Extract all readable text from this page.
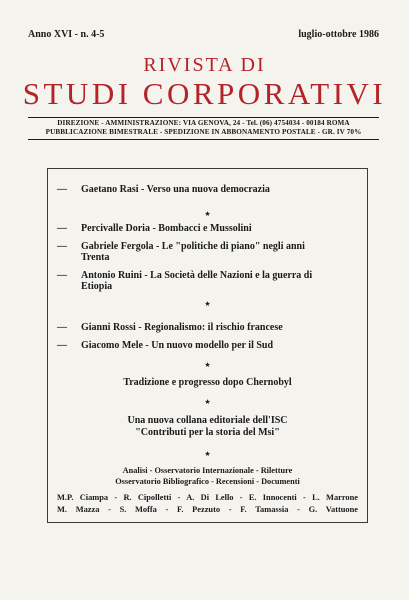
Anno XVI - n. 4-5	luglio-ottobre 1986
RIVISTA DI
STUDI CORPORATIVI
DIREZIONE - AMMINISTRAZIONE: VIA GENOVA, 24 - Tel. (06) 4754034 - 00184 ROMA
PUBBLICAZIONE BIMESTRALE - SPEDIZIONE IN ABBONAMENTO POSTALE - GR. IV 70%
★
★
★
★
★
— Gaetano Rasi - Verso una nuova democrazia
— Percivalle Doria - Bombacci e Mussolini
— Gabriele Fergola - Le "politiche di piano" negli anni
Trenta
— Antonio Ruini - La Società delle Nazioni e la guerra di
Etiopia
— Gianni Rossi - Regionalismo: il rischio francese
— Giacomo Mele - Un nuovo modello per il Sud
Tradizione e progresso dopo Chernobyl
Una nuova collana editoriale dell'ISC
"Contributi per la storia del Msi"
Analisi - Osservatorio Internazionale - Riletture
Osservatorio Bibliografico - Recensioni - Documenti
M.P. Ciampa - R. Cipolletti - A. Di Lello - E. Innocenti - L. Marrone
M. Mazza - S. Moffa - F. Pezzuto - F. Tamassia - G. Vattuone
